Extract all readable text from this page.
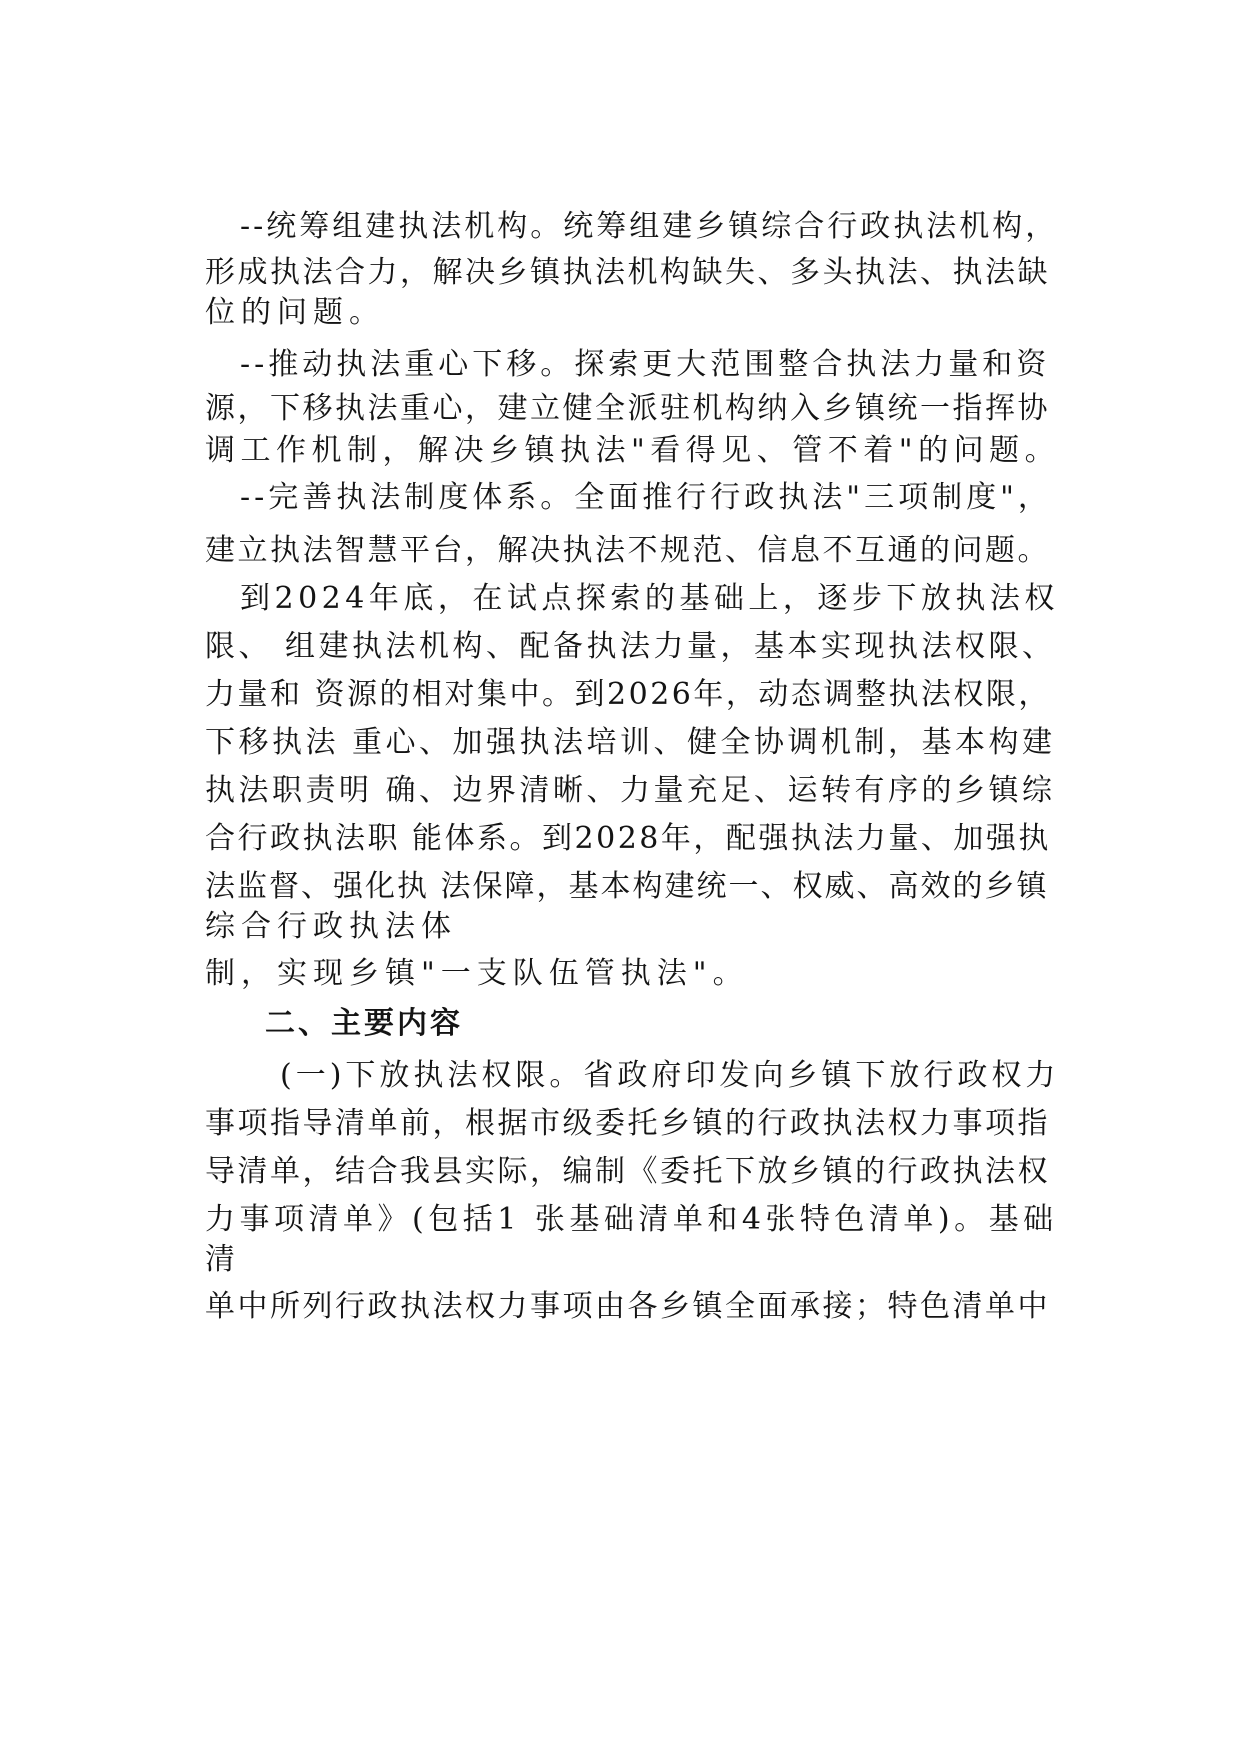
--统筹组建执法机构。统筹组建乡镇综合行政执法机构，
形成执法合力，解决乡镇执法机构缺失、多头执法、执法缺
位的问题。
--推动执法重心下移。探索更大范围整合执法力量和资
源，下移执法重心，建立健全派驻机构纳入乡镇统一指挥协
调工作机制，解决乡镇执法"看得见、管不着"的问题。
--完善执法制度体系。全面推行行政执法"三项制度"，
建立执法智慧平台，解决执法不规范、信息不互通的问题。
到2024年底，在试点探索的基础上，逐步下放执法权
限、 组建执法机构、配备执法力量，基本实现执法权限、
力量和 资源的相对集中。到2026年，动态调整执法权限，
下移执法 重心、加强执法培训、健全协调机制，基本构建
执法职责明 确、边界清晰、力量充足、运转有序的乡镇综
合行政执法职 能体系。到2028年，配强执法力量、加强执
法监督、强化执 法保障，基本构建统一、权威、高效的乡镇
综合行政执法体
制，实现乡镇"一支队伍管执法"。
二、主要内容
(一)下放执法权限。省政府印发向乡镇下放行政权力
事项指导清单前，根据市级委托乡镇的行政执法权力事项指
导清单，结合我县实际，编制《委托下放乡镇的行政执法权
力事项清单》(包括1 张基础清单和4张特色清单)。基础
清
单中所列行政执法权力事项由各乡镇全面承接；特色清单中
